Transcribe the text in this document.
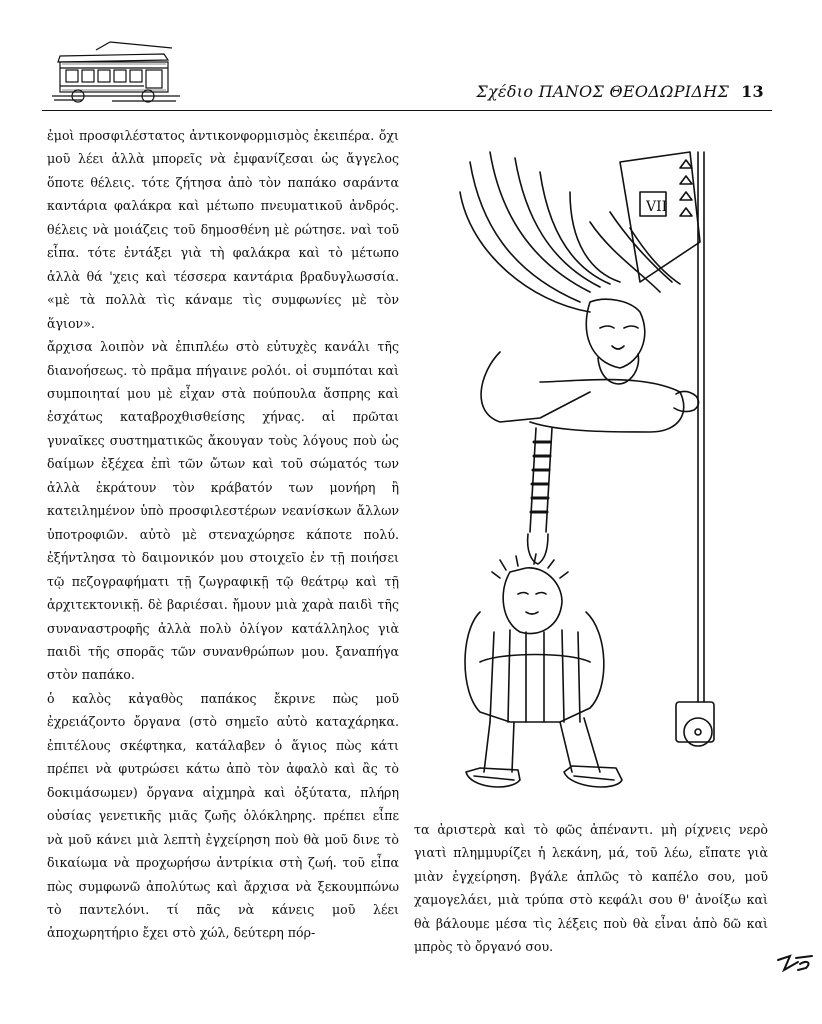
Σχέδιο ΠΑΝΟΣ ΘΕΟΔΩΡΙΔΗΣ 13

ἐμοὶ προσφιλέστατος ἀντικονφορμισμὸς ἐκειπέρα. ὄχι μοῦ λέει ἀλλὰ μπορεῖς νὰ ἐμφανίζεσαι ὡς ἄγγελος ὅποτε θέλεις. τότε ζήτησα ἀπὸ τὸν παπάκο σαράντα καντάρια φαλάκρα καὶ μέτωπο πνευματικοῦ ἀνδρός. θέλεις νὰ μοιάζεις τοῦ δημοσθένη μὲ ρώτησε. ναὶ τοῦ εἶπα. τότε ἐντάξει γιὰ τὴ φαλάκρα καὶ τὸ μέτωπο ἀλλὰ θά 'χεις καὶ τέσσερα καντάρια βραδυγλωσσία. «μὲ τὰ πολλὰ τὶς κάναμε τὶς συμφωνίες μὲ τὸν ἅγιον».

ἄρχισα λοιπὸν νὰ ἐπιπλέω στὸ εὐτυχὲς κανάλι τῆς διανοήσεως. τὸ πρᾶμα πήγαινε ρολόι. οἱ συμπόται καὶ συμποιηταί μου μὲ εἶχαν στὰ πούπουλα ἄσπρης καὶ ἐσχάτως καταβροχθισθείσης χήνας. αἱ πρῶται γυναῖκες συστηματικῶς ἄκουγαν τοὺς λόγους ποὺ ὡς δαίμων ἐξέχεα ἐπὶ τῶν ὤτων καὶ τοῦ σώματός των ἀλλὰ ἐκράτουν τὸν κράβατόν των μονήρη ἢ κατειλημένον ὑπὸ προσφιλεστέρων νεανίσκων ἄλλων ὑποτροφιῶν. αὐτὸ μὲ στεναχώρησε κάποτε πολύ. ἐξήντλησα τὸ δαιμονικόν μου στοιχεῖο ἐν τῇ ποιήσει τῷ πεζογραφήματι τῇ ζωγραφικῇ τῷ θεάτρῳ καὶ τῇ ἀρχιτεκτονικῇ. δὲ βαριέσαι. ἤμουν μιὰ χαρὰ παιδὶ τῆς συναναστροφῆς ἀλλὰ πολὺ ὀλίγον κατάλληλος γιὰ παιδὶ τῆς σπορᾶς τῶν συνανθρώπων μου. ξαναπήγα στὸν παπάκο.

ὁ καλὸς κἀγαθὸς παπάκος ἔκρινε πὼς μοῦ ἐχρειάζοντο ὄργανα (στὸ σημεῖο αὐτὸ καταχάρηκα. ἐπιτέλους σκέφτηκα, κατάλαβεν ὁ ἅγιος πὼς κάτι πρέπει νὰ φυτρώσει κάτω ἀπὸ τὸν ἀφαλὸ καὶ ἂς τὸ δοκιμάσωμεν) ὄργανα αἰχμηρὰ καὶ ὀξύτατα, πλήρη οὐσίας γενετικῆς μιᾶς ζωῆς ὁλόκληρης. πρέπει εἶπε νὰ μοῦ κάνει μιὰ λεπτὴ ἐγχείρηση ποὺ θὰ μοῦ δινε τὸ δικαίωμα νὰ προχωρήσω ἀντρίκια στὴ ζωή. τοῦ εἶπα πὼς συμφωνῶ ἀπολύτως καὶ ἄρχισα νὰ ξεκουμπώνω τὸ παντελόνι. τί πᾶς νὰ κάνεις μοῦ λέει ἀποχωρητήριο ἔχει στὸ χώλ, δεύτερη πόρ-

VII

τα ἀριστερὰ καὶ τὸ φῶς ἀπέναντι. μὴ ρίχνεις νερὸ γιατὶ πλημμυρίζει ἡ λεκάνη, μά, τοῦ λέω, εἴπατε γιὰ μιὰν ἐγχείρηση. βγάλε ἁπλῶς τὸ καπέλο σου, μοῦ χαμογελάει, μιὰ τρύπα στὸ κεφάλι σου θ' ἀνοίξω καὶ θὰ βάλουμε μέσα τὶς λέξεις ποὺ θὰ εἶναι ἀπὸ δῶ καὶ μπρὸς τὸ ὄργανό σου.
